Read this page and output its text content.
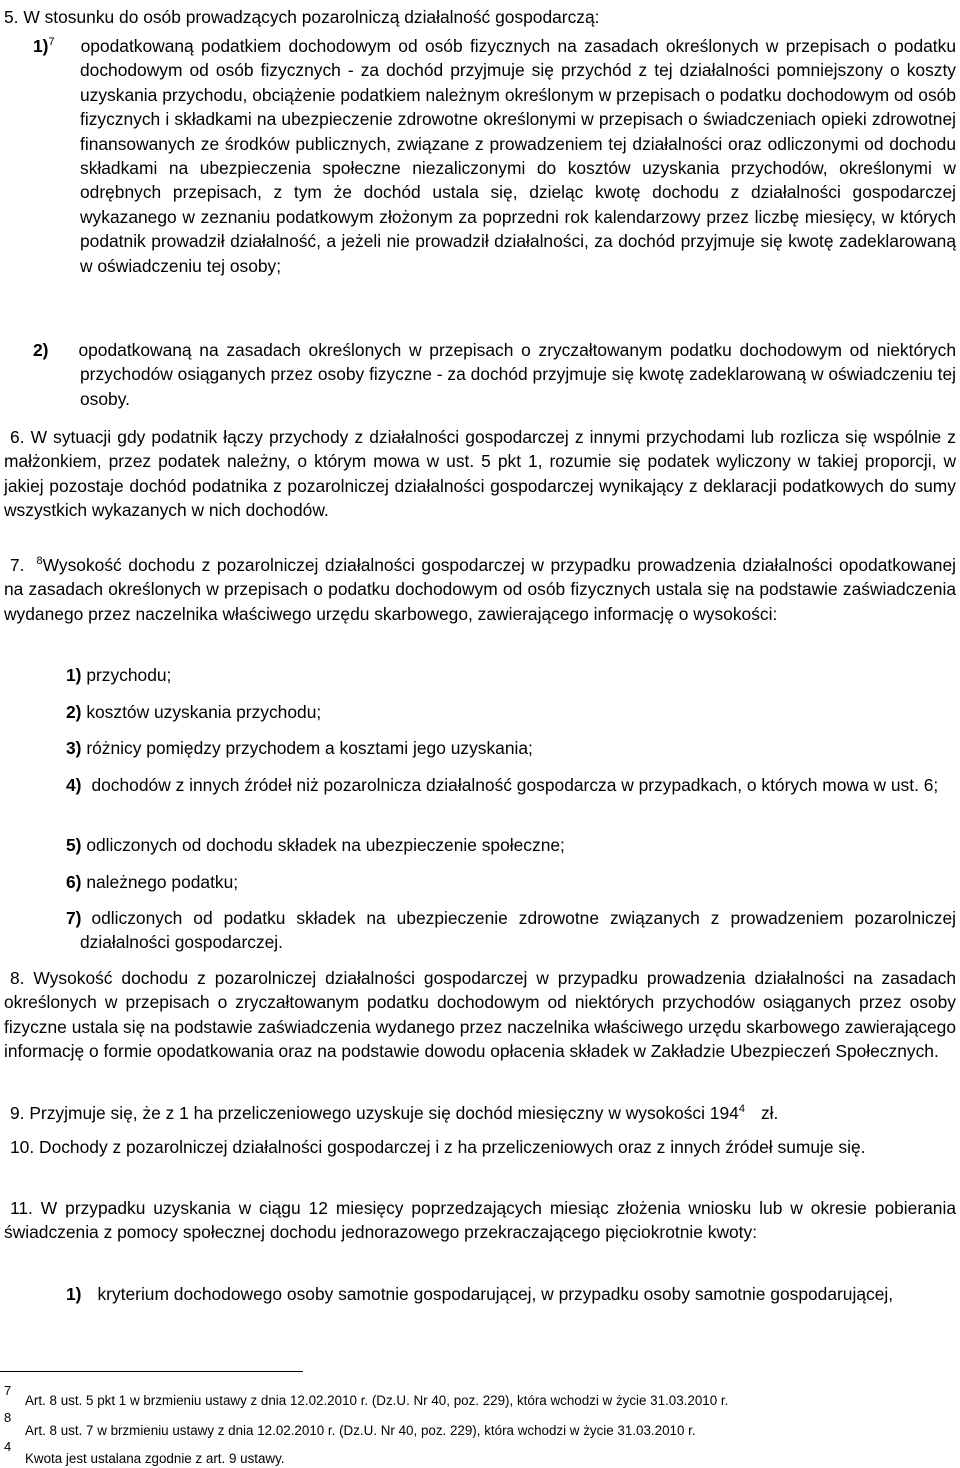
5. W stosunku do osób prowadzących pozarolniczą działalność gospodarczą:
1)$^7$ opodatkowaną podatkiem dochodowym od osób fizycznych na zasadach określonych w przepisach o podatku dochodowym od osób fizycznych - za dochód przyjmuje się przychód z tej działalności pomniejszony o koszty uzyskania przychodu, obciążenie podatkiem należnym określonym w przepisach o podatku dochodowym od osób fizycznych i składkami na ubezpieczenie zdrowotne określonymi w przepisach o świadczeniach opieki zdrowotnej finansowanych ze środków publicznych, związane z prowadzeniem tej działalności oraz odliczonymi od dochodu składkami na ubezpieczenia społeczne niezaliczonymi do kosztów uzyskania przychodów, określonymi w odrębnych przepisach, z tym że dochód ustala się, dzieląc kwotę dochodu z działalności gospodarczej wykazanego w zeznaniu podatkowym złożonym za poprzedni rok kalendarzowy przez liczbę miesięcy, w których podatnik prowadził działalność, a jeżeli nie prowadził działalności, za dochód przyjmuje się kwotę zadeklarowaną w oświadczeniu tej osoby;
2) opodatkowaną na zasadach określonych w przepisach o zryczałtowanym podatku dochodowym od niektórych przychodów osiąganych przez osoby fizyczne - za dochód przyjmuje się kwotę zadeklarowaną w oświadczeniu tej osoby.
6. W sytuacji gdy podatnik łączy przychody z działalności gospodarczej z innymi przychodami lub rozlicza się wspólnie z małżonkiem, przez podatek należny, o którym mowa w ust. 5 pkt 1, rozumie się podatek wyliczony w takiej proporcji, w jakiej pozostaje dochód podatnika z pozarolniczej działalności gospodarczej wynikający z deklaracji podatkowych do sumy wszystkich wykazanych w nich dochodów.
7. $^8$Wysokość dochodu z pozarolniczej działalności gospodarczej w przypadku prowadzenia działalności opodatkowanej na zasadach określonych w przepisach o podatku dochodowym od osób fizycznych ustala się na podstawie zaświadczenia wydanego przez naczelnika właściwego urzędu skarbowego, zawierającego informację o wysokości:
1) przychodu;
2) kosztów uzyskania przychodu;
3) różnicy pomiędzy przychodem a kosztami jego uzyskania;
4) dochodów z innych źródeł niż pozarolnicza działalność gospodarcza w przypadkach, o których mowa w ust. 6;
5) odliczonych od dochodu składek na ubezpieczenie społeczne;
6) należnego podatku;
7) odliczonych od podatku składek na ubezpieczenie zdrowotne związanych z prowadzeniem pozarolniczej działalności gospodarczej.
8. Wysokość dochodu z pozarolniczej działalności gospodarczej w przypadku prowadzenia działalności na zasadach określonych w przepisach o zryczałtowanym podatku dochodowym od niektórych przychodów osiąganych przez osoby fizyczne ustala się na podstawie zaświadczenia wydanego przez naczelnika właściwego urzędu skarbowego zawierającego informację o formie opodatkowania oraz na podstawie dowodu opłacenia składek w Zakładzie Ubezpieczeń Społecznych.
9. Przyjmuje się, że z 1 ha przeliczeniowego uzyskuje się dochód miesięczny w wysokości $194^4$ zł.
10. Dochody z pozarolniczej działalności gospodarczej i z ha przeliczeniowych oraz z innych źródeł sumuje się.
11. W przypadku uzyskania w ciągu 12 miesięcy poprzedzających miesiąc złożenia wniosku lub w okresie pobierania świadczenia z pomocy społecznej dochodu jednorazowego przekraczającego pięciokrotnie kwoty:
1) kryterium dochodowego osoby samotnie gospodarującej, w przypadku osoby samotnie gospodarującej,
7
Art. 8 ust. 5 pkt 1 w brzmieniu ustawy z dnia 12.02.2010 r. (Dz.U. Nr 40, poz. 229), która wchodzi w życie 31.03.2010 r.
8
Art. 8 ust. 7 w brzmieniu ustawy z dnia 12.02.2010 r. (Dz.U. Nr 40, poz. 229), która wchodzi w życie 31.03.2010 r.
4
Kwota jest ustalana zgodnie z art. 9 ustawy.
